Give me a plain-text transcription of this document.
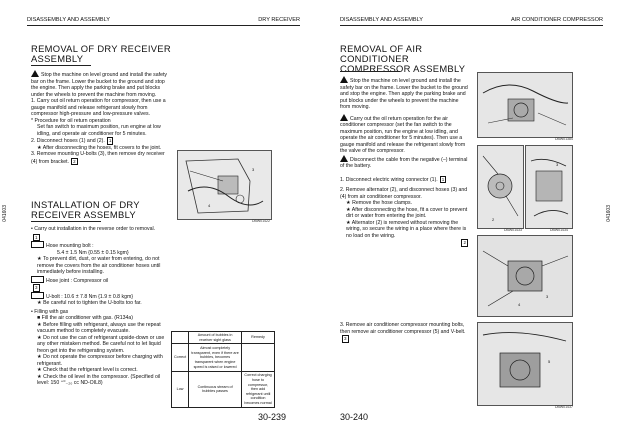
DISASSEMBLY AND ASSEMBLY	DRY RECEIVER
REMOVAL OF DRY RECEIVER ASSEMBLY

Stop the machine on level ground and install the safety bar on the frame. Lower the bucket to the ground and stop the engine. Then apply the parking brake and put blocks under the wheels to prevent the machine from moving.

1. Carry out oil return operation for compressor, then use a gauge manifold and release refrigerant slowly from compressor high-pressure and low-pressure valves.

* Procedure for oil return operation

Set fan switch to maximum position, run engine at low idling, and operate air conditioner for 5 minutes.

2. Disconnect hoses (1) and (2). 1

★ After disconnecting the hoses, fit covers to the joint.

3. Remove mounting U-bolts (3), then remove dry receiver (4) from bracket. 2

4
3
DBW01422
INSTALLATION OF DRY RECEIVER ASSEMBLY

• Carry out installation in the reverse order to removal.

1

Hose mounting bolt :

5.4 ± 1.5 Nm {0.55 ± 0.15 kgm}

★ To prevent dirt, dust, or water from entering, do not remove the covers from the air conditioner hoses until immediately before installing.

Hose joint : Compressor oil

3

U-bolt : 10.6 ± 7.8 Nm {1.9 ± 0.8 kgm}

★ Be careful not to tighten the U-bolts too far.

• Filling with gas

■ Fill the air conditioner with gas. (R134a)

★ Before filling with refrigerant, always use the repeat vacuum method to completely evacuate.

★ Do not use the can of refrigerant upside-down or use any other mistaken method. Be careful not to let liquid freon get into the refrigerating system.

★ Do not operate the compressor before charging with refrigerant.

★ Check that the refrigerant level is correct.

★ Check the oil level in the compressor. (Specified oil level: 150 ⁺⁰₋₂₀ cc ND-OIL8)

	Amount of bubbles in receiver sight glass	Remedy
Correct	Almost completely transparent, even if there are bubbles, becomes transparent when engine speed is raised or lowered	
Low	Continuous stream of bubbles passes	Correct charging hose to compressor, then add refrigerant until condition becomes normal
30-239
041603
DISASSEMBLY AND ASSEMBLY	AIR CONDITIONER COMPRESSOR
REMOVAL OF AIR CONDITIONER COMPRESSOR ASSEMBLY

Stop the machine on level ground and install the safety bar on the frame. Lower the bucket to the ground and stop the engine. Then apply the parking brake and put blocks under the wheels to prevent the machine from moving.

Carry out the oil return operation for the air conditioner compressor (set the fan switch to the maximum position, run the engine at low idling, and operate the air conditioner for 5 minutes). Then use a gauge manifold and release the refrigerant slowly from the valve of the compressor.

Disconnect the cable from the negative (–) terminal of the battery.

1. Disconnect electric wiring connector (1). 1

2. Remove alternator (2), and disconnect hoses (3) and (4) from air conditioner compressor.

★ Remove the hose clamps.

★ After disconnecting the hose, fit a cover to prevent dirt or water from entering the joint.

★ Alternator (2) is removed without removing the wiring, so secure the wiring in a place where there is no load on the wiring.

2

3. Remove air conditioner compressor mounting bolts, then remove air conditioner compressor (5) and V-belt.3

DBW01384
2
DBW01433
3
DBW01434
4
3
5
DBW01437
30-240
041603
